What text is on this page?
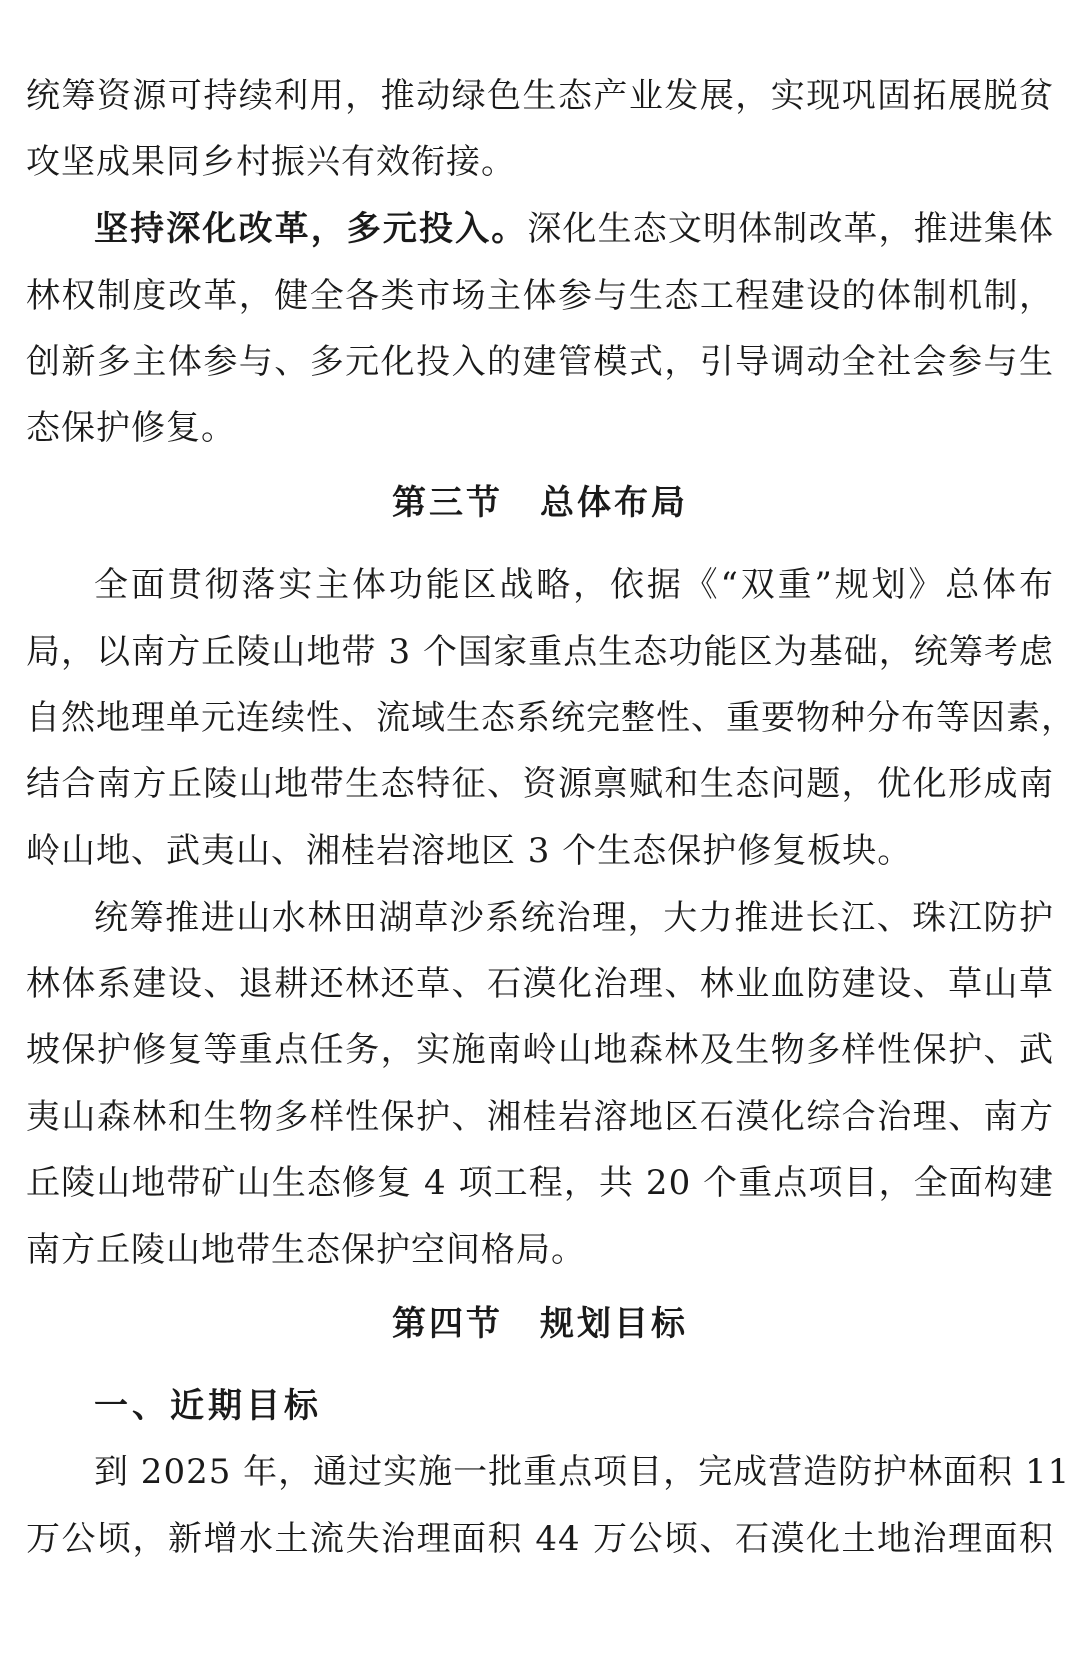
统筹资源可持续利用，推动绿色生态产业发展，实现巩固拓展脱贫
攻坚成果同乡村振兴有效衔接。
坚持深化改革，多元投入。深化生态文明体制改革，推进集体
林权制度改革，健全各类市场主体参与生态工程建设的体制机制，
创新多主体参与、多元化投入的建管模式，引导调动全社会参与生
态保护修复。
第三节　总体布局
全面贯彻落实主体功能区战略，依据《“双重”规划》总体布
局，以南方丘陵山地带 3 个国家重点生态功能区为基础，统筹考虑
自然地理单元连续性、流域生态系统完整性、重要物种分布等因素，
结合南方丘陵山地带生态特征、资源禀赋和生态问题，优化形成南
岭山地、武夷山、湘桂岩溶地区 3 个生态保护修复板块。
统筹推进山水林田湖草沙系统治理，大力推进长江、珠江防护
林体系建设、退耕还林还草、石漠化治理、林业血防建设、草山草
坡保护修复等重点任务，实施南岭山地森林及生物多样性保护、武
夷山森林和生物多样性保护、湘桂岩溶地区石漠化综合治理、南方
丘陵山地带矿山生态修复 4 项工程，共 20 个重点项目，全面构建
南方丘陵山地带生态保护空间格局。
第四节　规划目标
一、近期目标
到 2025 年，通过实施一批重点项目，完成营造防护林面积 11
万公顷，新增水土流失治理面积 44 万公顷、石漠化土地治理面积
